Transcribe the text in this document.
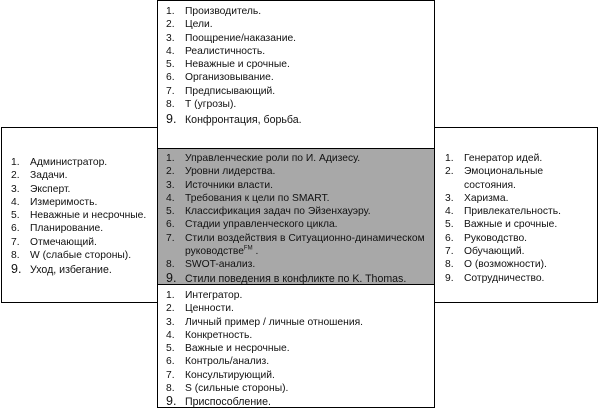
1.	Администратор.
2.	Задачи.
3.	Эксперт.
4.	Измеримость.
5.	Неважные и несрочные.
6.	Планирование.
7.	Отмечающий.
8.	W (слабые стороны).
9. Уход, избегание.
1.	Генератор идей.
2.	Эмоциональные состояния.
3.	Харизма.
4.	Привлекательность.
5.	Важные и срочные.
6.	Руководство.
7.	Обучающий.
8.	О (возможности).
9.	Сотрудничество.
1.	Производитель.
2.	Цели.
3.	Поощрение/наказание.
4.	Реалистичность.
5.	Неважные и срочные.
6.	Организовывание.
7.	Предписывающий.
8.	Т (угрозы).
9. Конфронтация, борьба.
1.	Интегратор.
2.	Ценности.
3.	Личный пример / личные отношения.
4.	Конкретность.
5.	Важные и несрочные.
6.	Контроль/анализ.
7.	Консультирующий.
8.	S (сильные стороны).
9. Приспособление.
1.	Управленческие роли по И. Адизесу.
2.	Уровни лидерства.
3.	Источники власти.
4.	Требования к цели по SMART.
5.	Классификация задач по Эйзенхауэру.
6.	Стадии управленческого цикла.
7.	Стили воздействия в Ситуационно-динамическом руководстве$^{FM}$ .
8.	SWOT-анализ.
9. Стили поведения в конфликте по K. Thomas.
